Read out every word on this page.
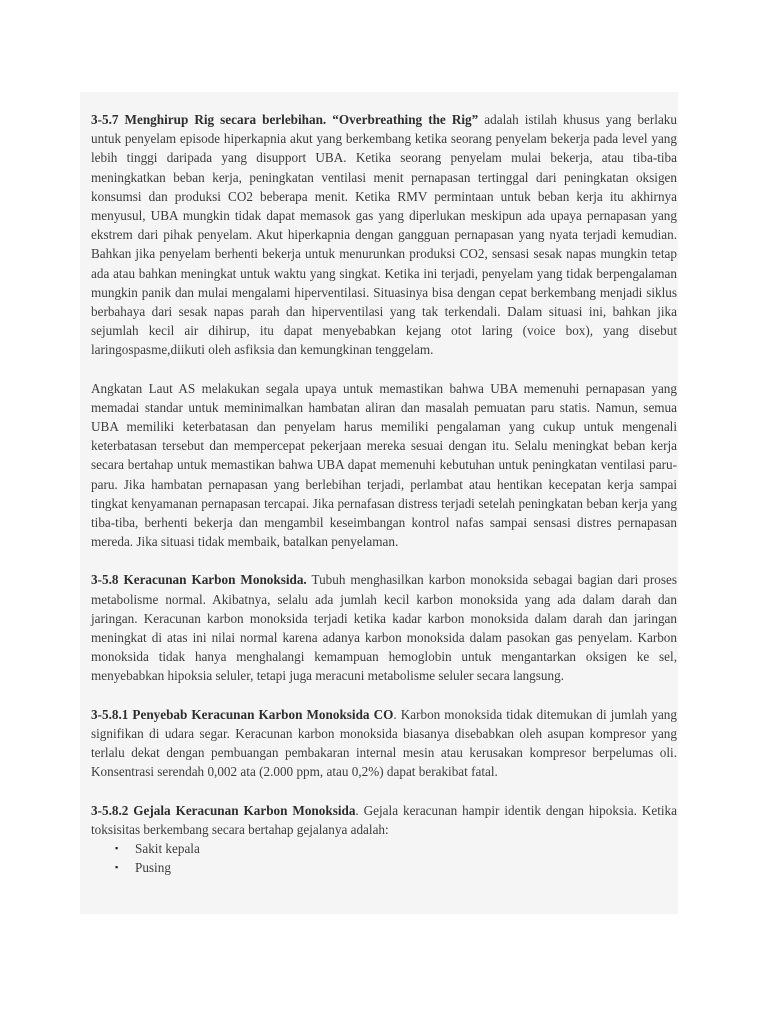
3-5.7 Menghirup Rig secara berlebihan. “Overbreathing the Rig” adalah istilah khusus yang berlaku untuk penyelam episode hiperkapnia akut yang berkembang ketika seorang penyelam bekerja pada level yang lebih tinggi daripada yang disupport UBA. Ketika seorang penyelam mulai bekerja, atau tiba-tiba meningkatkan beban kerja, peningkatan ventilasi menit pernapasan tertinggal dari peningkatan oksigen konsumsi dan produksi CO2 beberapa menit. Ketika RMV permintaan untuk beban kerja itu akhirnya menyusul, UBA mungkin tidak dapat memasok gas yang diperlukan meskipun ada upaya pernapasan yang ekstrem dari pihak penyelam. Akut hiperkapnia dengan gangguan pernapasan yang nyata terjadi kemudian. Bahkan jika penyelam berhenti bekerja untuk menurunkan produksi CO2, sensasi sesak napas mungkin tetap ada atau bahkan meningkat untuk waktu yang singkat. Ketika ini terjadi, penyelam yang tidak berpengalaman mungkin panik dan mulai mengalami hiperventilasi. Situasinya bisa dengan cepat berkembang menjadi siklus berbahaya dari sesak napas parah dan hiperventilasi yang tak terkendali. Dalam situasi ini, bahkan jika sejumlah kecil air dihirup, itu dapat menyebabkan kejang otot laring (voice box), yang disebut laringospasme,diikuti oleh asfiksia dan kemungkinan tenggelam.

Angkatan Laut AS melakukan segala upaya untuk memastikan bahwa UBA memenuhi pernapasan yang memadai standar untuk meminimalkan hambatan aliran dan masalah pemuatan paru statis. Namun, semua UBA memiliki keterbatasan dan penyelam harus memiliki pengalaman yang cukup untuk mengenali keterbatasan tersebut dan mempercepat pekerjaan mereka sesuai dengan itu. Selalu meningkat beban kerja secara bertahap untuk memastikan bahwa UBA dapat memenuhi kebutuhan untuk peningkatan ventilasi paru-paru. Jika hambatan pernapasan yang berlebihan terjadi, perlambat atau hentikan kecepatan kerja sampai tingkat kenyamanan pernapasan tercapai. Jika pernafasan distress terjadi setelah peningkatan beban kerja yang tiba-tiba, berhenti bekerja dan mengambil keseimbangan kontrol nafas sampai sensasi distres pernapasan mereda. Jika situasi tidak membaik, batalkan penyelaman.

3-5.8 Keracunan Karbon Monoksida. Tubuh menghasilkan karbon monoksida sebagai bagian dari proses metabolisme normal. Akibatnya, selalu ada jumlah kecil karbon monoksida yang ada dalam darah dan jaringan. Keracunan karbon monoksida terjadi ketika kadar karbon monoksida dalam darah dan jaringan meningkat di atas ini nilai normal karena adanya karbon monoksida dalam pasokan gas penyelam. Karbon monoksida tidak hanya menghalangi kemampuan hemoglobin untuk mengantarkan oksigen ke sel, menyebabkan hipoksia seluler, tetapi juga meracuni metabolisme seluler secara langsung.

3-5.8.1 Penyebab Keracunan Karbon Monoksida CO. Karbon monoksida tidak ditemukan di jumlah yang signifikan di udara segar. Keracunan karbon monoksida biasanya disebabkan oleh asupan kompresor yang terlalu dekat dengan pembuangan pembakaran internal mesin atau kerusakan kompresor berpelumas oli. Konsentrasi serendah 0,002 ata (2.000 ppm, atau 0,2%) dapat berakibat fatal.

3-5.8.2 Gejala Keracunan Karbon Monoksida. Gejala keracunan hampir identik dengan hipoksia. Ketika toksisitas berkembang secara bertahap gejalanya adalah:

▪ Sakit kepala
▪ Pusing
